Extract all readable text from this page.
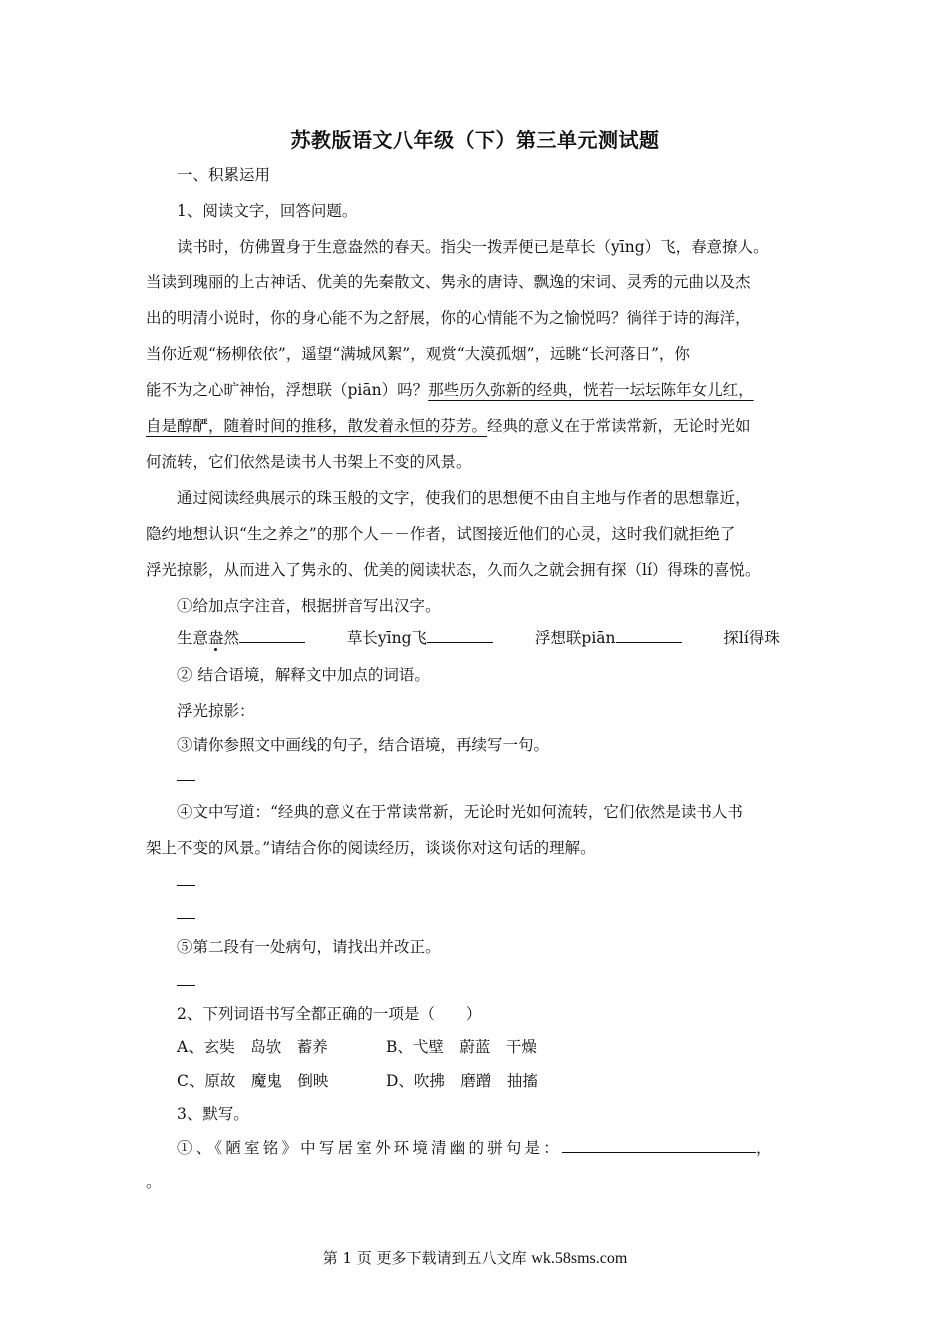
苏教版语文八年级（下）第三单元测试题
一、积累运用
1、阅读文字，回答问题。
读书时，仿佛置身于生意盎然的春天。指尖一拨弄便已是草长（yīng）飞，春意撩人。
当读到瑰丽的上古神话、优美的先秦散文、隽永的唐诗、飘逸的宋词、灵秀的元曲以及杰
出的明清小说时，你的身心能不为之舒展，你的心情能不为之愉悦吗？徜徉于诗的海洋，
当你近观“杨柳依依”，遥望“满城风絮”，观赏“大漠孤烟”，远眺“长河落日”，你
能不为之心旷神怡，浮想联（piān）吗？那些历久弥新的经典，恍若一坛坛陈年女儿红，
自是醇酽，随着时间的推移，散发着永恒的芬芳。经典的意义在于常读常新，无论时光如
何流转，它们依然是读书人书架上不变的风景。
通过阅读经典展示的珠玉般的文字，使我们的思想便不由自主地与作者的思想靠近，
隐约地想认识“生之养之”的那个人－－作者，试图接近他们的心灵，这时我们就拒绝了
浮光掠影，从而进入了隽永的、优美的阅读状态，久而久之就会拥有探（lí）得珠的喜悦。
①给加点字注音，根据拼音写出汉字。
生意盎然	草长yīng飞	浮想联piān	探lí得珠
② 结合语境，解释文中加点的词语。
浮光掠影：
③请你参照文中画线的句子，结合语境，再续写一句。
④文中写道：“经典的意义在于常读常新，无论时光如何流转，它们依然是读书人书
架上不变的风景。”请结合你的阅读经历，谈谈你对这句话的理解。
⑤第二段有一处病句，请找出并改正。
2、下列词语书写全都正确的一项是（　　）
A、玄奘　岛欤　蓄养	B、弋壁　蔚蓝　干燥
C、原故　魔鬼　倒映	D、吹拂　磨蹭　抽搐
3、默写。
①、《陋室铭》中写居室外环境清幽的骈句是：	，
。
第 1 页 更多下载请到五八文库 wk.58sms.com
